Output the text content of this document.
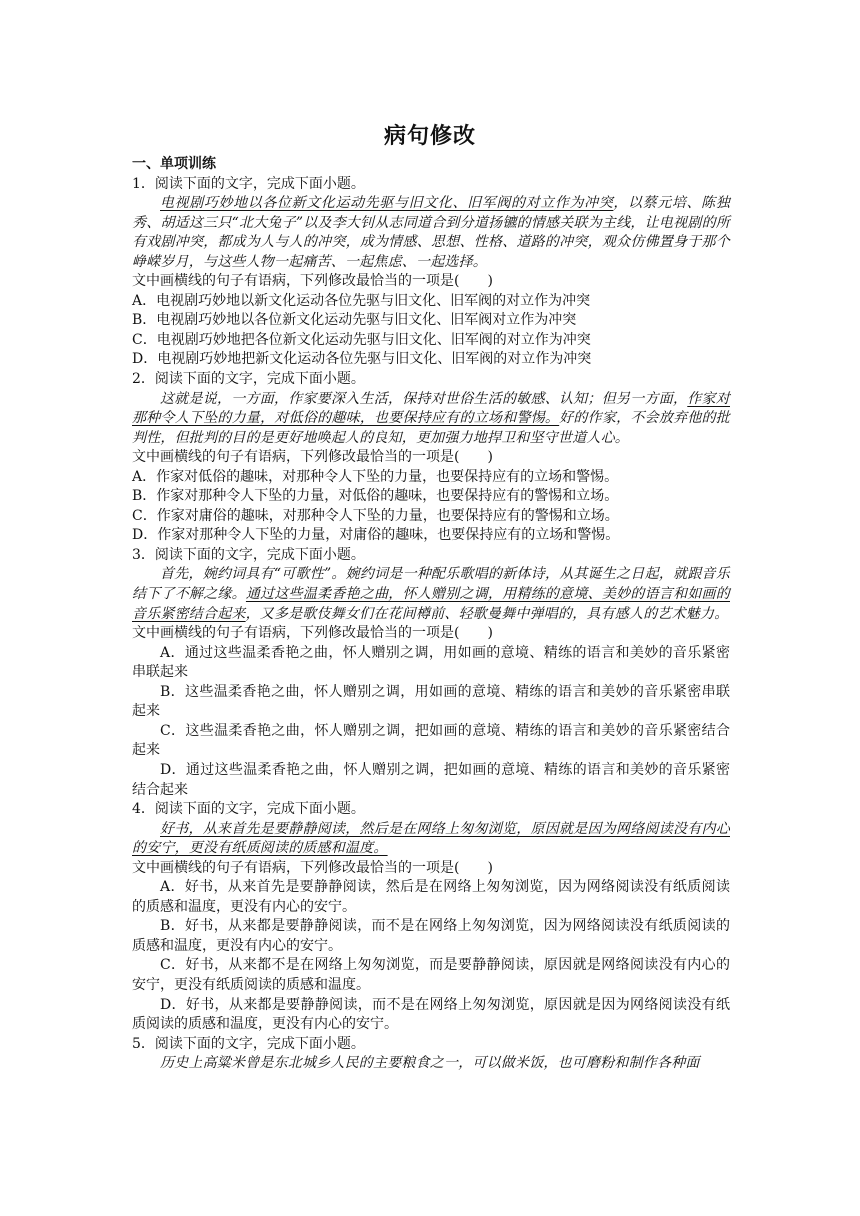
病句修改

一、单项训练

1．阅读下面的文字，完成下面小题。

电视剧巧妙地以各位新文化运动先驱与旧文化、旧军阀的对立作为冲突，以蔡元培、陈独秀、胡适这三只“北大兔子”以及李大钊从志同道合到分道扬镳的情感关联为主线，让电视剧的所有戏剧冲突，都成为人与人的冲突，成为情感、思想、性格、道路的冲突，观众仿佛置身于那个峥嵘岁月，与这些人物一起痛苦、一起焦虑、一起选择。

文中画横线的句子有语病，下列修改最恰当的一项是(　　)

A．电视剧巧妙地以新文化运动各位先驱与旧文化、旧军阀的对立作为冲突

B．电视剧巧妙地以各位新文化运动先驱与旧文化、旧军阀对立作为冲突

C．电视剧巧妙地把各位新文化运动先驱与旧文化、旧军阀的对立作为冲突

D．电视剧巧妙地把新文化运动各位先驱与旧文化、旧军阀的对立作为冲突

2．阅读下面的文字，完成下面小题。

这就是说，一方面，作家要深入生活，保持对世俗生活的敏感、认知；但另一方面，作家对那种令人下坠的力量，对低俗的趣味，也要保持应有的立场和警惕。好的作家，不会放弃他的批判性，但批判的目的是更好地唤起人的良知，更加强力地捍卫和坚守世道人心。

文中画横线的句子有语病，下列修改最恰当的一项是(　　)

A．作家对低俗的趣味，对那种令人下坠的力量，也要保持应有的立场和警惕。

B．作家对那种令人下坠的力量，对低俗的趣味，也要保持应有的警惕和立场。

C．作家对庸俗的趣味，对那种令人下坠的力量，也要保持应有的警惕和立场。

D．作家对那种令人下坠的力量，对庸俗的趣味，也要保持应有的立场和警惕。

3．阅读下面的文字，完成下面小题。

首先，婉约词具有“可歌性”。婉约词是一种配乐歌唱的新体诗，从其诞生之日起，就跟音乐结下了不解之缘。通过这些温柔香艳之曲，怀人赠别之调，用精练的意境、美妙的语言和如画的音乐紧密结合起来，又多是歌伎舞女们在花间樽前、轻歌曼舞中弹唱的，具有感人的艺术魅力。

文中画横线的句子有语病，下列修改最恰当的一项是(　　)

A．通过这些温柔香艳之曲，怀人赠别之调，用如画的意境、精练的语言和美妙的音乐紧密串联起来

B．这些温柔香艳之曲，怀人赠别之调，用如画的意境、精练的语言和美妙的音乐紧密串联起来

C．这些温柔香艳之曲，怀人赠别之调，把如画的意境、精练的语言和美妙的音乐紧密结合起来

D．通过这些温柔香艳之曲，怀人赠别之调，把如画的意境、精练的语言和美妙的音乐紧密结合起来

4．阅读下面的文字，完成下面小题。

好书，从来首先是要静静阅读，然后是在网络上匆匆浏览，原因就是因为网络阅读没有内心的安宁，更没有纸质阅读的质感和温度。

文中画横线的句子有语病，下列修改最恰当的一项是(　　)

A．好书，从来首先是要静静阅读，然后是在网络上匆匆浏览，因为网络阅读没有纸质阅读的质感和温度，更没有内心的安宁。

B．好书，从来都是要静静阅读，而不是在网络上匆匆浏览，因为网络阅读没有纸质阅读的质感和温度，更没有内心的安宁。

C．好书，从来都不是在网络上匆匆浏览，而是要静静阅读，原因就是网络阅读没有内心的安宁，更没有纸质阅读的质感和温度。

D．好书，从来都是要静静阅读，而不是在网络上匆匆浏览，原因就是因为网络阅读没有纸质阅读的质感和温度，更没有内心的安宁。

5．阅读下面的文字，完成下面小题。

历史上高粱米曾是东北城乡人民的主要粮食之一，可以做米饭，也可磨粉和制作各种面
